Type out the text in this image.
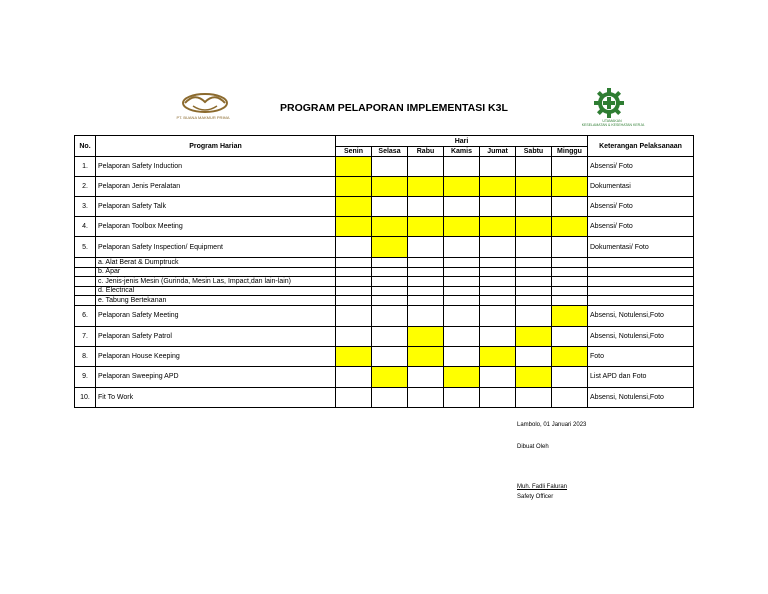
PT. BUANA MAKMUR PRIMA
PROGRAM PELAPORAN IMPLEMENTASI K3L
UTAMAKAN
KESELAMATAN & KESEHATAN KERJA
No.	Program Harian	Hari							Keterangan Pelaksanaan
		Senin	Selasa	Rabu	Kamis	Jumat	Sabtu	Minggu	
1.	Pelaporan Safety Induction								Absensi/ Foto
2.	Pelaporan Jenis Peralatan								Dokumentasi
3.	Pelaporan Safety Talk								Absensi/ Foto
4.	Pelaporan Toolbox Meeting								Absensi/ Foto
5.	Pelaporan Safety Inspection/ Equipment								Dokumentasi/ Foto
	a. Alat Berat & Dumptruck								
	b. Apar								
	c. Jenis-jenis Mesin (Gurinda, Mesin Las, Impact,dan lain-lain)								
	d. Electrical								
	e. Tabung Bertekanan								
6.	Pelaporan Safety Meeting								Absensi, Notulensi,Foto
7.	Pelaporan Safety Patrol								Absensi, Notulensi,Foto
8.	Pelaporan House Keeping								Foto
9.	Pelaporan Sweeping APD								List APD dan Foto
10.	Fit To Work								Absensi, Notulensi,Foto
Lambolo, 01 Januari 2023
Dibuat Oleh
Muh. Fadli Faluran
Safety Officer
